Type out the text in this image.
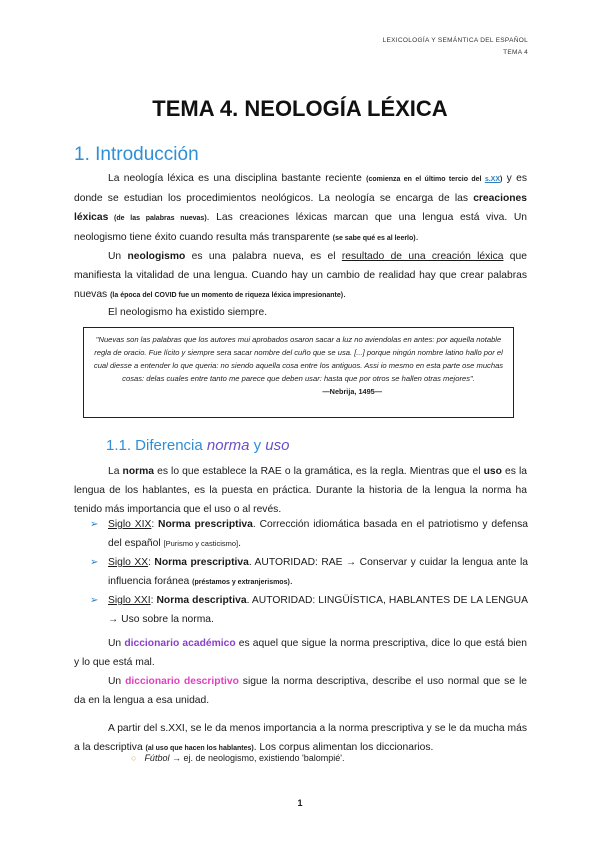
LEXICOLOGÍA Y SEMÁNTICA DEL ESPAÑOL
TEMA 4
TEMA 4. NEOLOGÍA LÉXICA
1. Introducción
La neología léxica es una disciplina bastante reciente (comienza en el último tercio del s.XX) y es donde se estudian los procedimientos neológicos. La neología se encarga de las creaciones léxicas (de las palabras nuevas). Las creaciones léxicas marcan que una lengua está viva. Un neologismo tiene éxito cuando resulta más transparente (se sabe qué es al leerlo).
Un neologismo es una palabra nueva, es el resultado de una creación léxica que manifiesta la vitalidad de una lengua. Cuando hay un cambio de realidad hay que crear palabras nuevas (la época del COVID fue un momento de riqueza léxica impresionante).
El neologismo ha existido siempre.
"Nuevas son las palabras que los autores mui aprobados osaron sacar a luz no aviendolas en antes: por aquella notable regla de oracio. Fue lícito y siempre sera sacar nombre del cuño que se usa. [...] porque ningún nombre latino hallo por el cual diesse a entender lo que queria: no siendo aquella cosa entre los antiguos. Assi io mesmo en esta parte ose muchas cosas: delas cuales entre tanto me parece que deben usar: hasta que por otros se hallen otras mejores".
—Nebrija, 1495—
1.1. Diferencia norma y uso
La norma es lo que establece la RAE o la gramática, es la regla. Mientras que el uso es la lengua de los hablantes, es la puesta en práctica. Durante la historia de la lengua la norma ha tenido más importancia que el uso o al revés.
➢ Siglo XIX: Norma prescriptiva. Corrección idiomática basada en el patriotismo y defensa del español [Purismo y casticismo].
➢ Siglo XX: Norma prescriptiva. AUTORIDAD: RAE → Conservar y cuidar la lengua ante la influencia foránea (préstamos y extranjerismos).
➢ Siglo XXI: Norma descriptiva. AUTORIDAD: LINGÜÍSTICA, HABLANTES DE LA LENGUA → Uso sobre la norma.
Un diccionario académico es aquel que sigue la norma prescriptiva, dice lo que está bien y lo que está mal.
Un diccionario descriptivo sigue la norma descriptiva, describe el uso normal que se le da en la lengua a esa unidad.
A partir del s.XXI, se le da menos importancia a la norma prescriptiva y se le da mucha más a la descriptiva (al uso que hacen los hablantes). Los corpus alimentan los diccionarios.
○ Fútbol → ej. de neologismo, existiendo 'balompié'.
1
